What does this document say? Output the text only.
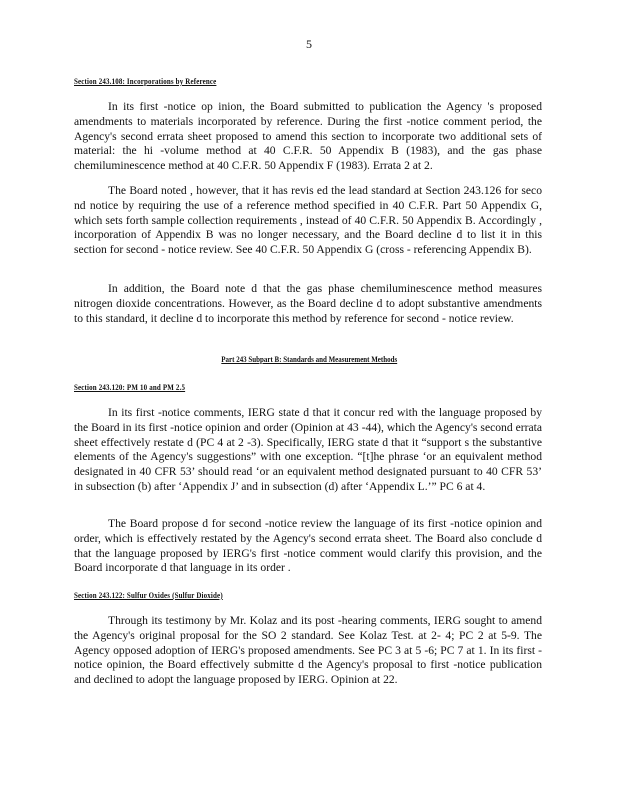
5
Section 243.108: Incorporations by Reference

In its first -notice op inion, the Board submitted to publication the Agency 's proposed amendments to materials incorporated by reference. During the first -notice comment period, the Agency's second errata sheet proposed to amend this section to incorporate two additional sets of material: the hi -volume method at 40 C.F.R. 50 Appendix B (1983), and the gas phase chemiluminescence method at 40 C.F.R. 50 Appendix F (1983). Errata 2 at 2.

The Board noted , however, that it has revis ed the lead standard at Section 243.126 for seco nd notice by requiring the use of a reference method specified in 40 C.F.R. Part 50 Appendix G, which sets forth sample collection requirements , instead of 40 C.F.R. 50 Appendix B. Accordingly , incorporation of Appendix B was no longer necessary, and the Board decline d to list it in this section for second - notice review. See 40 C.F.R. 50 Appendix G (cross - referencing Appendix B).

In addition, the Board note d that the gas phase chemiluminescence method measures nitrogen dioxide concentrations. However, as the Board decline d to adopt substantive amendments to this standard, it decline d to incorporate this method by reference for second - notice review.

Part 243 Subpart B: Standards and Measurement Methods
Section 243.120: PM 10 and PM 2.5

In its first -notice comments, IERG state d that it concur red with the language proposed by the Board in its first -notice opinion and order (Opinion at 43 -44), which the Agency's second errata sheet effectively restate d (PC 4 at 2 -3). Specifically, IERG state d that it “support s the substantive elements of the Agency's suggestions” with one exception. “[t]he phrase ‘or an equivalent method designated in 40 CFR 53’ should read ‘or an equivalent method designated pursuant to 40 CFR 53’ in subsection (b) after ‘Appendix J’ and in subsection (d) after ‘Appendix L.’” PC 6 at 4.

The Board propose d for second -notice review the language of its first -notice opinion and order, which is effectively restated by the Agency's second errata sheet. The Board also conclude d that the language proposed by IERG's first -notice comment would clarify this provision, and the Board incorporate d that language in its order .

Section 243.122: Sulfur Oxides (Sulfur Dioxide)

Through its testimony by Mr. Kolaz and its post -hearing comments, IERG sought to amend the Agency's original proposal for the SO 2 standard. See Kolaz Test. at 2- 4; PC 2 at 5-9. The Agency opposed adoption of IERG's proposed amendments. See PC 3 at 5 -6; PC 7 at 1. In its first -notice opinion, the Board effectively submitte d the Agency's proposal to first -notice publication and declined to adopt the language proposed by IERG. Opinion at 22.
